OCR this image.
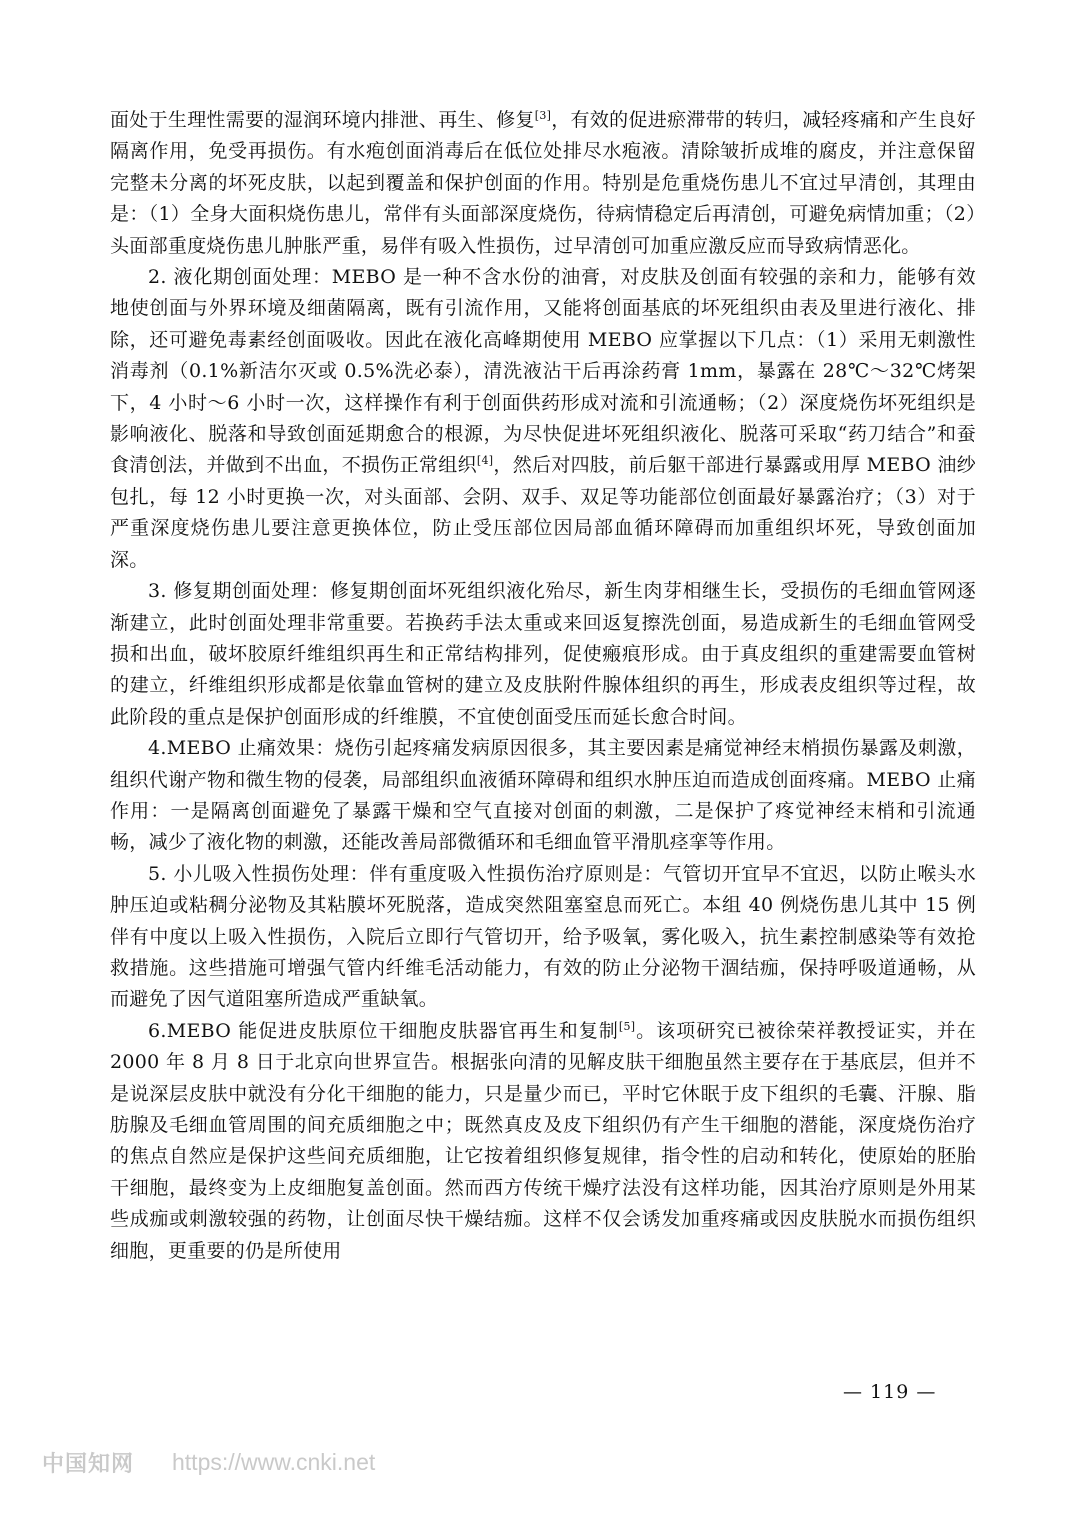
面处于生理性需要的湿润环境内排泄、再生、修复[3]，有效的促进瘀滞带的转归，减轻疼痛和产生良好隔离作用，免受再损伤。有水疱创面消毒后在低位处排尽水疱液。清除皱折成堆的腐皮，并注意保留完整未分离的坏死皮肤，以起到覆盖和保护创面的作用。特别是危重烧伤患儿不宜过早清创，其理由是：（1）全身大面积烧伤患儿，常伴有头面部深度烧伤，待病情稳定后再清创，可避免病情加重；（2）头面部重度烧伤患儿肿胀严重，易伴有吸入性损伤，过早清创可加重应激反应而导致病情恶化。

2. 液化期创面处理：MEBO 是一种不含水份的油膏，对皮肤及创面有较强的亲和力，能够有效地使创面与外界环境及细菌隔离，既有引流作用，又能将创面基底的坏死组织由表及里进行液化、排除，还可避免毒素经创面吸收。因此在液化高峰期使用 MEBO 应掌握以下几点：（1）采用无刺激性消毒剂（0.1%新洁尔灭或 0.5%洗必泰），清洗液沾干后再涂药膏 1mm，暴露在 28℃～32℃烤架下，4 小时～6 小时一次，这样操作有利于创面供药形成对流和引流通畅；（2）深度烧伤坏死组织是影响液化、脱落和导致创面延期愈合的根源，为尽快促进坏死组织液化、脱落可采取“药刀结合”和蚕食清创法，并做到不出血，不损伤正常组织[4]，然后对四肢，前后躯干部进行暴露或用厚 MEBO 油纱包扎，每 12 小时更换一次，对头面部、会阴、双手、双足等功能部位创面最好暴露治疗；（3）对于严重深度烧伤患儿要注意更换体位，防止受压部位因局部血循环障碍而加重组织坏死，导致创面加深。

3. 修复期创面处理：修复期创面坏死组织液化殆尽，新生肉芽相继生长，受损伤的毛细血管网逐渐建立，此时创面处理非常重要。若换药手法太重或来回返复擦洗创面，易造成新生的毛细血管网受损和出血，破坏胶原纤维组织再生和正常结构排列，促使瘢痕形成。由于真皮组织的重建需要血管树的建立，纤维组织形成都是依靠血管树的建立及皮肤附件腺体组织的再生，形成表皮组织等过程，故此阶段的重点是保护创面形成的纤维膜，不宜使创面受压而延长愈合时间。

4.MEBO 止痛效果：烧伤引起疼痛发病原因很多，其主要因素是痛觉神经末梢损伤暴露及刺激，组织代谢产物和微生物的侵袭，局部组织血液循环障碍和组织水肿压迫而造成创面疼痛。MEBO 止痛作用：一是隔离创面避免了暴露干燥和空气直接对创面的刺激，二是保护了疼觉神经末梢和引流通畅，减少了液化物的刺激，还能改善局部微循环和毛细血管平滑肌痉挛等作用。

5. 小儿吸入性损伤处理：伴有重度吸入性损伤治疗原则是：气管切开宜早不宜迟，以防止喉头水肿压迫或粘稠分泌物及其粘膜坏死脱落，造成突然阻塞窒息而死亡。本组 40 例烧伤患儿其中 15 例伴有中度以上吸入性损伤，入院后立即行气管切开，给予吸氧，雾化吸入，抗生素控制感染等有效抢救措施。这些措施可增强气管内纤维毛活动能力，有效的防止分泌物干涸结痂，保持呼吸道通畅，从而避免了因气道阻塞所造成严重缺氧。

6.MEBO 能促进皮肤原位干细胞皮肤器官再生和复制[5]。该项研究已被徐荣祥教授证实，并在 2000 年 8 月 8 日于北京向世界宣告。根据张向清的见解皮肤干细胞虽然主要存在于基底层，但并不是说深层皮肤中就没有分化干细胞的能力，只是量少而已，平时它休眠于皮下组织的毛囊、汗腺、脂肪腺及毛细血管周围的间充质细胞之中；既然真皮及皮下组织仍有产生干细胞的潜能，深度烧伤治疗的焦点自然应是保护这些间充质细胞，让它按着组织修复规律，指令性的启动和转化，使原始的胚胎干细胞，最终变为上皮细胞复盖创面。然而西方传统干燥疗法没有这样功能，因其治疗原则是外用某些成痂或刺激较强的药物，让创面尽快干燥结痂。这样不仅会诱发加重疼痛或因皮肤脱水而损伤组织细胞，更重要的仍是所使用

— 119 —
中国知网 https://www.cnki.net
